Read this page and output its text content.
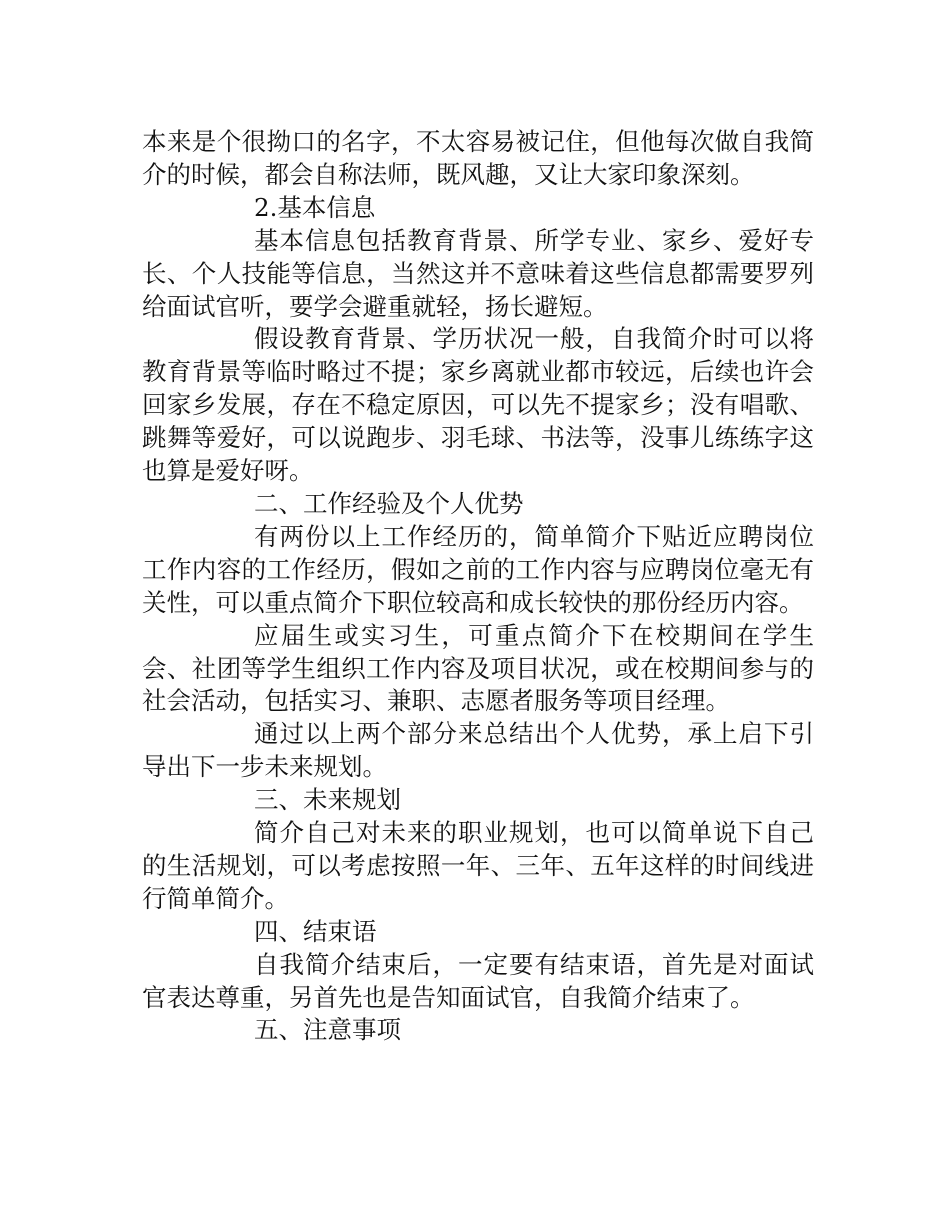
本来是个很拗口的名字，不太容易被记住，但他每次做自我简介的时候，都会自称法师，既风趣，又让大家印象深刻。

2.基本信息

基本信息包括教育背景、所学专业、家乡、爱好专长、个人技能等信息，当然这并不意味着这些信息都需要罗列给面试官听，要学会避重就轻，扬长避短。

假设教育背景、学历状况一般，自我简介时可以将教育背景等临时略过不提；家乡离就业都市较远，后续也许会回家乡发展，存在不稳定原因，可以先不提家乡；没有唱歌、跳舞等爱好，可以说跑步、羽毛球、书法等，没事儿练练字这也算是爱好呀。

二、工作经验及个人优势

有两份以上工作经历的，简单简介下贴近应聘岗位工作内容的工作经历，假如之前的工作内容与应聘岗位毫无有关性，可以重点简介下职位较高和成长较快的那份经历内容。

应届生或实习生，可重点简介下在校期间在学生会、社团等学生组织工作内容及项目状况，或在校期间参与的社会活动，包括实习、兼职、志愿者服务等项目经理。

通过以上两个部分来总结出个人优势，承上启下引导出下一步未来规划。

三、未来规划

简介自己对未来的职业规划，也可以简单说下自己的生活规划，可以考虑按照一年、三年、五年这样的时间线进行简单简介。

四、结束语

自我简介结束后，一定要有结束语，首先是对面试官表达尊重，另首先也是告知面试官，自我简介结束了。

五、注意事项
